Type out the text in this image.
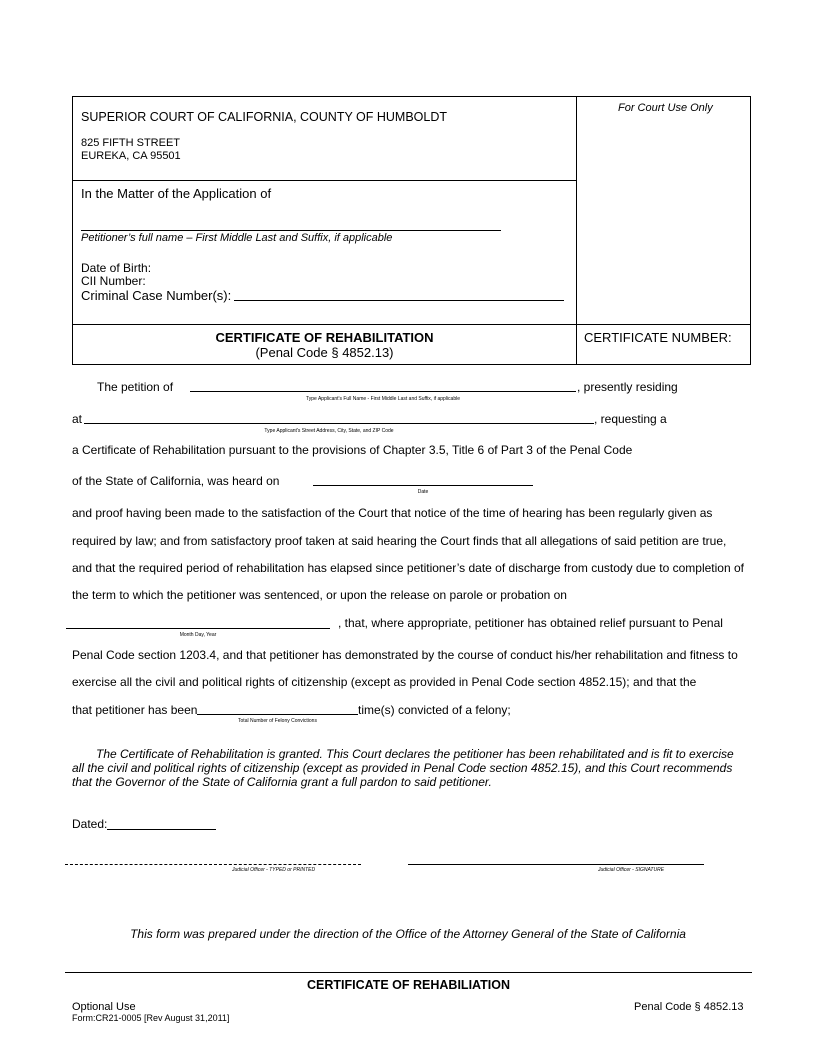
SUPERIOR COURT OF CALIFORNIA, COUNTY OF HUMBOLDT
825 FIFTH STREET
EUREKA, CA 95501
For Court Use Only
In the Matter of the Application of
Petitioner’s full name – First Middle Last and Suffix, if applicable
Date of Birth:
CII Number:
Criminal Case Number(s):
CERTIFICATE OF REHABILITATION
(Penal Code § 4852.13)
CERTIFICATE NUMBER:
The petition of	, presently residing
Type Applicant's Full Name - First Middle Last and Suffix, if applicable
at	, requesting a
Type Applicant's Street Address, City, State, and ZIP Code
a Certificate of Rehabilitation pursuant to the provisions of Chapter 3.5, Title 6 of Part 3 of the Penal Code
of the State of California, was heard on
Date
and proof having been made to the satisfaction of the Court that notice of the time of hearing has been regularly given as
required by law; and from satisfactory proof taken at said hearing the Court finds that all allegations of said petition are true,
and that the required period of rehabilitation has elapsed since petitioner’s date of discharge from custody due to completion of
the term to which the petitioner was sentenced, or upon the release on parole or probation on
, that, where appropriate, petitioner has obtained relief pursuant to Penal
Month Day, Year
Penal Code section 1203.4, and that petitioner has demonstrated by the course of conduct his/her rehabilitation and fitness to
exercise all the civil and political rights of citizenship (except as provided in Penal Code section 4852.15); and that the
that petitioner has been	time(s) convicted of a felony;
Total Number of Felony Convictions
The Certificate of Rehabilitation is granted. This Court declares the petitioner has been rehabilitated and is fit to exercise
all the civil and political rights of citizenship (except as provided in Penal Code section 4852.15), and this Court recommends
that the Governor of the State of California grant a full pardon to said petitioner.
Dated:
Judicial Officer - TYPED or PRINTED	Judicial Officer - SIGNATURE
This form was prepared under the direction of the Office of the Attorney General of the State of California
CERTIFICATE OF REHABILIATION
Optional Use
Form:CR21-0005 [Rev August 31,2011]
Penal Code § 4852.13
